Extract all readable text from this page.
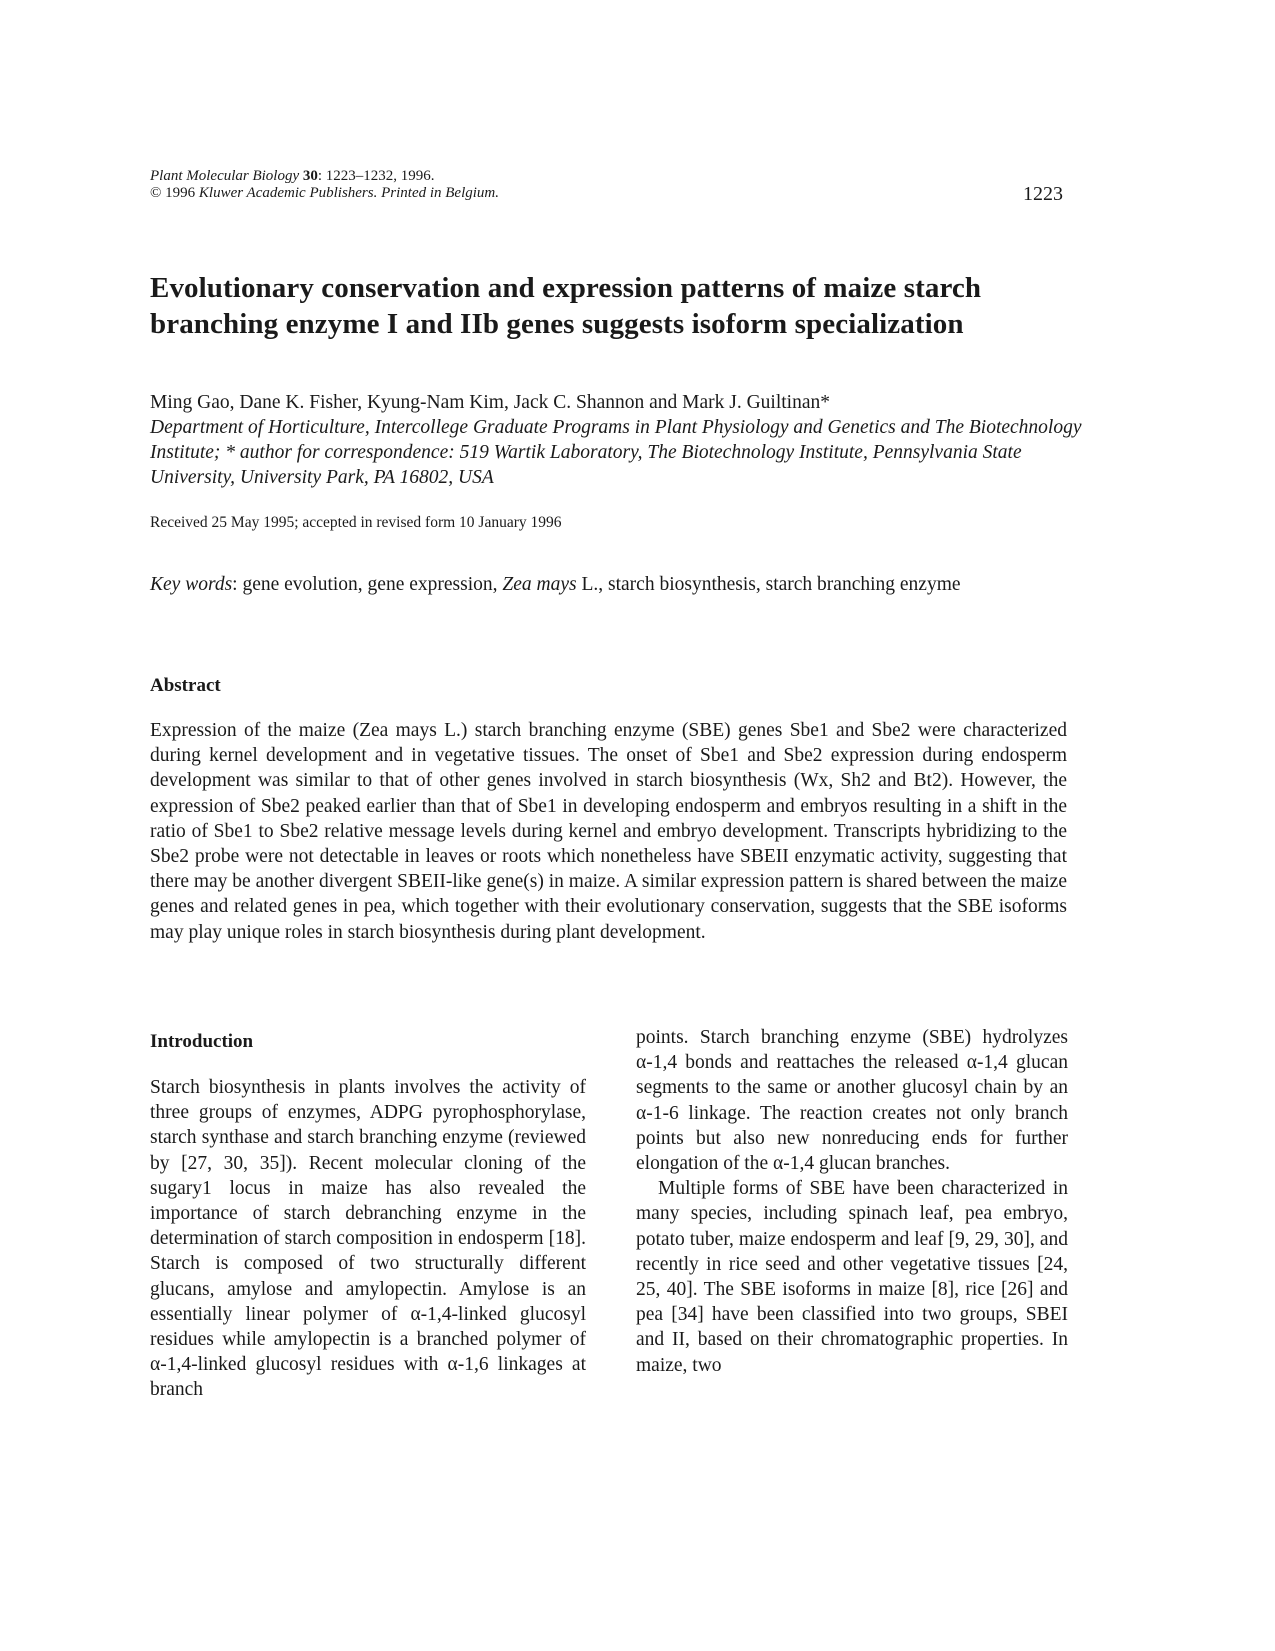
Plant Molecular Biology 30: 1223–1232, 1996.
© 1996 Kluwer Academic Publishers. Printed in Belgium.	1223
Evolutionary conservation and expression patterns of maize starch branching enzyme I and IIb genes suggests isoform specialization
Ming Gao, Dane K. Fisher, Kyung-Nam Kim, Jack C. Shannon and Mark J. Guiltinan*
Department of Horticulture, Intercollege Graduate Programs in Plant Physiology and Genetics and The Biotechnology Institute; * author for correspondence: 519 Wartik Laboratory, The Biotechnology Institute, Pennsylvania State University, University Park, PA 16802, USA
Received 25 May 1995; accepted in revised form 10 January 1996
Key words: gene evolution, gene expression, Zea mays L., starch biosynthesis, starch branching enzyme
Abstract
Expression of the maize (Zea mays L.) starch branching enzyme (SBE) genes Sbe1 and Sbe2 were characterized during kernel development and in vegetative tissues. The onset of Sbe1 and Sbe2 expression during endosperm development was similar to that of other genes involved in starch biosynthesis (Wx, Sh2 and Bt2). However, the expression of Sbe2 peaked earlier than that of Sbe1 in developing endosperm and embryos resulting in a shift in the ratio of Sbe1 to Sbe2 relative message levels during kernel and embryo development. Transcripts hybridizing to the Sbe2 probe were not detectable in leaves or roots which nonetheless have SBEII enzymatic activity, suggesting that there may be another divergent SBEII-like gene(s) in maize. A similar expression pattern is shared between the maize genes and related genes in pea, which together with their evolutionary conservation, suggests that the SBE isoforms may play unique roles in starch biosynthesis during plant development.
Introduction
Starch biosynthesis in plants involves the activity of three groups of enzymes, ADPG pyrophosphorylase, starch synthase and starch branching enzyme (reviewed by [27, 30, 35]). Recent molecular cloning of the sugary1 locus in maize has also revealed the importance of starch debranching enzyme in the determination of starch composition in endosperm [18]. Starch is composed of two structurally different glucans, amylose and amylopectin. Amylose is an essentially linear polymer of α-1,4-linked glucosyl residues while amylopectin is a branched polymer of α-1,4-linked glucosyl residues with α-1,6 linkages at branch
points. Starch branching enzyme (SBE) hydrolyzes α-1,4 bonds and reattaches the released α-1,4 glucan segments to the same or another glucosyl chain by an α-1-6 linkage. The reaction creates not only branch points but also new nonreducing ends for further elongation of the α-1,4 glucan branches.
Multiple forms of SBE have been characterized in many species, including spinach leaf, pea embryo, potato tuber, maize endosperm and leaf [9, 29, 30], and recently in rice seed and other vegetative tissues [24, 25, 40]. The SBE isoforms in maize [8], rice [26] and pea [34] have been classified into two groups, SBEI and II, based on their chromatographic properties. In maize, two
